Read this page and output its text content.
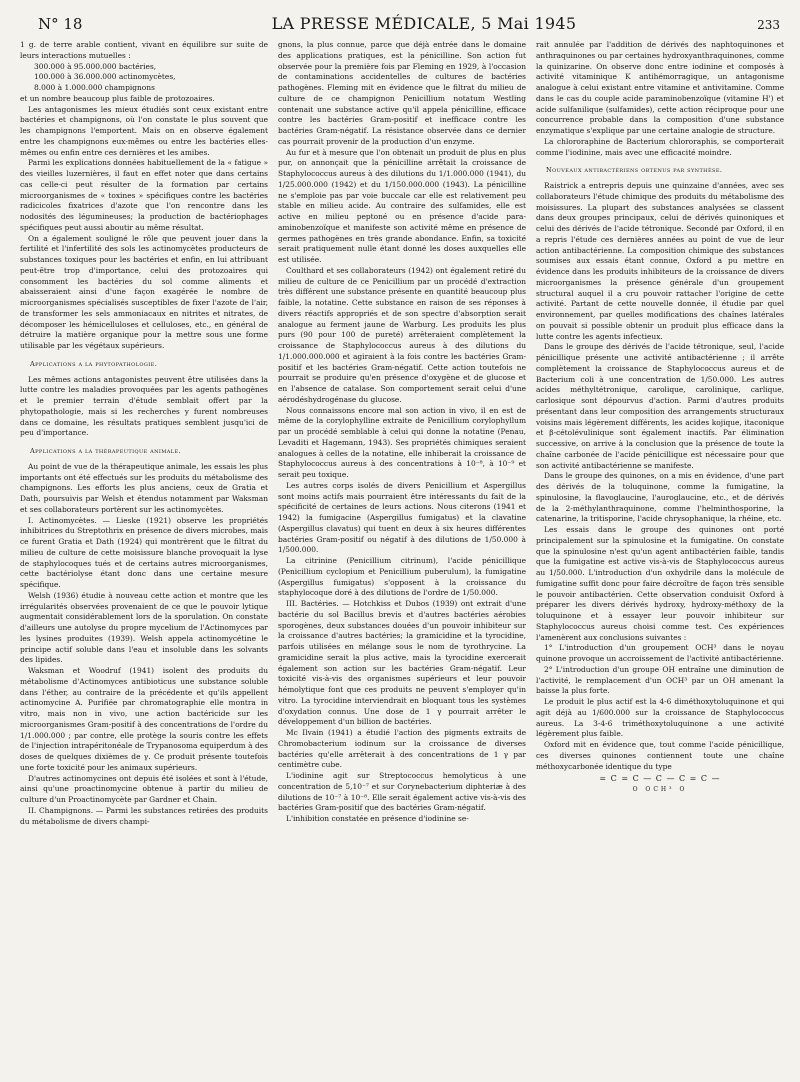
N° 18	LA PRESSE MÉDICALE, 5 Mai 1945	233

1 g. de terre arable contient, vivant en équilibre sur suite de leurs interactions mutuelles :

300.000 à 95.000.000 bactéries,
100.000 à 36.000.000 actinomycètes,
8.000 à 1.000.000 champignons

et un nombre beaucoup plus faible de protozoaires.

Les antagonismes les mieux étudiés sont ceux existant entre bactéries et champignons, où l'on constate le plus souvent que les champignons l'emportent. Mais on en observe également entre les champignons eux-mêmes ou entre les bactéries elles-mêmes ou enfin entre ces dernières et les amibes.

Parmi les explications données habituellement de la « fatigue » des vieilles luzernières, il faut en effet noter que dans certains cas celle-ci peut résulter de la formation par certains microorganismes de « toxines » spécifiques contre les bactéries radicicoles fixatrices d'azote que l'on rencontre dans les nodosités des légumineuses; la production de bactériophages spécifiques peut aussi aboutir au même résultat.

On a également souligné le rôle que peuvent jouer dans la fertilité et l'infertilité des sols les actinomycètes producteurs de substances toxiques pour les bactéries et enfin, en lui attribuant peut-être trop d'importance, celui des protozoaires qui consomment les bactéries du sol comme aliments et abaisseraient ainsi d'une façon exagérée le nombre de microorganismes spécialisés susceptibles de fixer l'azote de l'air, de transformer les sels ammoniacaux en nitrites et nitrates, de décomposer les hémicelluloses et celluloses, etc., en général de détruire la matière organique pour la mettre sous une forme utilisable par les végétaux supérieurs.

Applications a la phytopathologie.

Les mêmes actions antagonistes peuvent être utilisées dans la lutte contre les maladies provoquées par les agents pathogènes et le premier terrain d'étude semblait offert par la phytopathologie, mais si les recherches y furent nombreuses dans ce domaine, les résultats pratiques semblent jusqu'ici de peu d'importance.

Applications a la thérapeutique animale.

Au point de vue de la thérapeutique animale, les essais les plus importants ont été effectués sur les produits du métabolisme des champignons. Les efforts les plus anciens, ceux de Gratia et Dath, poursuivis par Welsh et étendus notamment par Waksman et ses collaborateurs portèrent sur les actinomycètes.

I. Actinomycètes. — Lieske (1921) observe les propriétés inhibitrices du Streptothrix en présence de divers microbes, mais ce furent Gratia et Dath (1924) qui montrèrent que le filtrat du milieu de culture de cette moisissure blanche provoquait la lyse de staphylocoques tués et de certains autres microorganismes, cette bactériolyse étant donc dans une certaine mesure spécifique.

Welsh (1936) étudie à nouveau cette action et montre que les irrégularités observées provenaient de ce que le pouvoir lytique augmentait considérablement lors de la sporulation. On constate d'ailleurs une autolyse du propre mycelium de l'Actinomyces par les lysines produites (1939). Welsh appela actinomycétine le principe actif soluble dans l'eau et insoluble dans les solvants des lipides.

Waksman et Woodruf (1941) isolent des produits du métabolisme d'Actinomyces antibioticus une substance soluble dans l'éther, au contraire de la précédente et qu'ils appellent actinomycine A. Purifiée par chromatographie elle montra in vitro, mais non in vivo, une action bactéricide sur les microorganismes Gram-positif à des concentrations de l'ordre du 1/1.000.000 ; par contre, elle protège la souris contre les effets de l'injection intrapéritonéale de Trypanosoma equiperdum à des doses de quelques dixièmes de γ. Ce produit présente toutefois une forte toxicité pour les animaux supérieurs.

D'autres actinomycines ont depuis été isolées et sont à l'étude, ainsi qu'une proactinomycine obtenue à partir du milieu de culture d'un Proactinomycète par Gardner et Chain.

II. Champignons. — Parmi les substances retirées des produits du métabolisme de divers champi-

gnons, la plus connue, parce que déjà entrée dans le domaine des applications pratiques, est la pénicilline. Son action fut observée pour la première fois par Fleming en 1929, à l'occasion de contaminations accidentelles de cultures de bactéries pathogènes. Fleming mit en évidence que le filtrat du milieu de culture de ce champignon Penicillium notatum Westling contenait une substance active qu'il appela pénicilline, efficace contre les bactéries Gram-positif et inefficace contre les bactéries Gram-négatif. La résistance observée dans ce dernier cas pourrait provenir de la production d'un enzyme.

Au fur et à mesure que l'on obtenait un produit de plus en plus pur, on annonçait que la pénicilline arrêtait la croissance de Staphylococcus aureus à des dilutions du 1/1.000.000 (1941), du 1/25.000.000 (1942) et du 1/150.000.000 (1943). La pénicilline ne s'emploie pas par voie buccale car elle est relativement peu stable en milieu acide. Au contraire des sulfamides, elle est active en milieu peptoné ou en présence d'acide para-aminobenzoïque et manifeste son activité même en présence de germes pathogènes en très grande abondance. Enfin, sa toxicité serait pratiquement nulle étant donné les doses auxquelles elle est utilisée.

Coulthard et ses collaborateurs (1942) ont également retiré du milieu de culture de ce Penicillium par un procédé d'extraction très différent une substance présente en quantité beaucoup plus faible, la notatine. Cette substance en raison de ses réponses à divers réactifs appropriés et de son spectre d'absorption serait analogue au ferment jaune de Warburg. Les produits les plus purs (90 pour 100 de pureté) arrêteraient complètement la croissance de Staphylococcus aureus à des dilutions du 1/1.000.000.000 et agiraient à la fois contre les bactéries Gram-positif et les bactéries Gram-négatif. Cette action toutefois ne pourrait se produire qu'en présence d'oxygène et de glucose et en l'absence de catalase. Son comportement serait celui d'une aérodéshydrogénase du glucose.

Nous connaissons encore mal son action in vivo, il en est de même de la corylophylline extraite de Penicillium corylophyllum par un procédé semblable à celui qui donne la notatine (Penau, Levaditi et Hagemann, 1943). Ses propriétés chimiques seraient analogues à celles de la notatine, elle inhiberait la croissance de Staphylococcus aureus à des concentrations à 10⁻⁸, à 10⁻⁹ et serait peu toxique.

Les autres corps isolés de divers Penicillium et Aspergillus sont moins actifs mais pourraient être intéressants du fait de la spécificité de certaines de leurs actions. Nous citerons (1941 et 1942) la fumigacine (Aspergillus fumigatus) et la clavatine (Aspergillus clavatus) qui tuent en deux à six heures différentes bactéries Gram-positif ou négatif à des dilutions de 1/50.000 à 1/500.000.

La citrinine (Penicillium citrinum), l'acide pénicillique (Penicillium cyclopium et Penicillium puberulum), la fumigatine (Aspergillus fumigatus) s'opposent à la croissance du staphylocoque doré à des dilutions de l'ordre de 1/50.000.

III. Bactéries. — Hotchkiss et Dubos (1939) ont extrait d'une bactérie du sol Bacillus brevis et d'autres bactéries aérobies sporogènes, deux substances douées d'un pouvoir inhibiteur sur la croissance d'autres bactéries; la gramicidine et la tyrocidine, parfois utilisées en mélange sous le nom de tyrothrycine. La gramicidine serait la plus active, mais la tyrocidine exercerait également son action sur les bactéries Gram-négatif. Leur toxicité vis-à-vis des organismes supérieurs et leur pouvoir hémolytique font que ces produits ne peuvent s'employer qu'in vitro. La tyrocidine interviendrait en bloquant tous les systèmes d'oxydation connus. Une dose de 1 γ pourrait arrêter le développement d'un billion de bactéries.

Mc Ilvain (1941) a étudié l'action des pigments extraits de Chromobacterium iodinum sur la croissance de diverses bactéries qu'elle arrêterait à des concentrations de 1 γ par centimètre cube.

L'iodinine agit sur Streptococcus hemolyticus à une concentration de 5,10⁻⁷ et sur Corynebacterium diphteriæ à des dilutions de 10⁻⁷ à 10⁻⁸. Elle serait également active vis-à-vis des bactéries Gram-positif que des bactéries Gram-négatif.

L'inhibition constatée en présence d'iodinine se-

rait annulée par l'addition de dérivés des naphtoquinones et anthraquinones ou par certaines hydroxyanthraquinones, comme la quinizarine. On observe donc entre iodinine et composés à activité vitaminique K antihémorragique, un antagonisme analogue à celui existant entre vitamine et antivitamine. Comme dans le cas du couple acide paraminobenzoïque (vitamine H') et acide sulfanilique (sulfamides), cette action réciproque pour une concurrence probable dans la composition d'une substance enzymatique s'explique par une certaine analogie de structure.

La chlororaphine de Bacterium chlororaphis, se comporterait comme l'iodinine, mais avec une efficacité moindre.

Nouveaux antibactériens obtenus par synthèse.

Raistrick a entrepris depuis une quinzaine d'années, avec ses collaborateurs l'étude chimique des produits du métabolisme des moisissures. La plupart des substances analysées se classent dans deux groupes principaux, celui de dérivés quinoniques et celui des dérivés de l'acide tétronique. Secondé par Oxford, il en a repris l'étude ces dernières années au point de vue de leur action antibactérienne. La composition chimique des substances soumises aux essais étant connue, Oxford a pu mettre en évidence dans les produits inhibiteurs de la croissance de divers microorganismes la présence générale d'un groupement structural auquel il a cru pouvoir rattacher l'origine de cette activité. Partant de cette nouvelle donnée, il étudie par quel environnement, par quelles modifications des chaînes latérales on pouvait si possible obtenir un produit plus efficace dans la lutte contre les agents infectieux.

Dans le groupe des dérivés de l'acide tétronique, seul, l'acide pénicillique présente une activité antibactérienne ; il arrête complètement la croissance de Staphylococcus aureus et de Bacterium coli à une concentration de 1/50.000. Les autres acides méthyltétronique, carolique, carolinique, carlique, carlosique sont dépourvus d'action. Parmi d'autres produits présentant dans leur composition des arrangements structuraux voisins mais légèrement différents, les acides kojique, itaconique et β-cétolévulinique sont également inactifs. Par élimination successive, on arrive à la conclusion que la présence de toute la chaîne carbonée de l'acide pénicillique est nécessaire pour que son activité antibactérienne se manifeste.

Dans le groupe des quinones, on a mis en évidence, d'une part des dérivés de la toluquinone, comme la fumigatine, la spinulosine, la flavoglaucine, l'auroglaucine, etc., et de dérivés de la 2-méthylanthraquinone, comme l'helminthosporine, la catenarine, la tritisporine, l'acide chrysophanique, la rhéine, etc.

Les essais dans le groupe des quinones ont porté principalement sur la spinulosine et la fumigatine. On constate que la spinulosine n'est qu'un agent antibactérien faible, tandis que la fumigatine est active vis-à-vis de Staphylococcus aureus au 1/50.000. L'introduction d'un oxhydrile dans la molécule de fumigatine suffit donc pour faire décroître de façon très sensible le pouvoir antibactérien. Cette observation conduisit Oxford à préparer les divers dérivés hydroxy, hydroxy-méthoxy de la toluquinone et à essayer leur pouvoir inhibiteur sur Staphylococcus aureus choisi comme test. Ces expériences l'amenèrent aux conclusions suivantes :

1° L'introduction d'un groupement OCH³ dans le noyau quinone provoque un accroissement de l'activité antibactérienne.

2° L'introduction d'un groupe OH entraîne une diminution de l'activité, le remplacement d'un OCH³ par un OH amenant la baisse la plus forte.

Le produit le plus actif est la 4-6 diméthoxytoluquinone et qui agit déjà au 1/600.000 sur la croissance de Staphylococcus aureus. La 3-4-6 triméthoxytoluquinone a une activité légèrement plus faible.

Oxford mit en évidence que, tout comme l'acide pénicillique, ces diverses quinones contiennent toute une chaîne méthoxycarbonée identique du type

= C = C — C — C = C —
O OCH³ O
